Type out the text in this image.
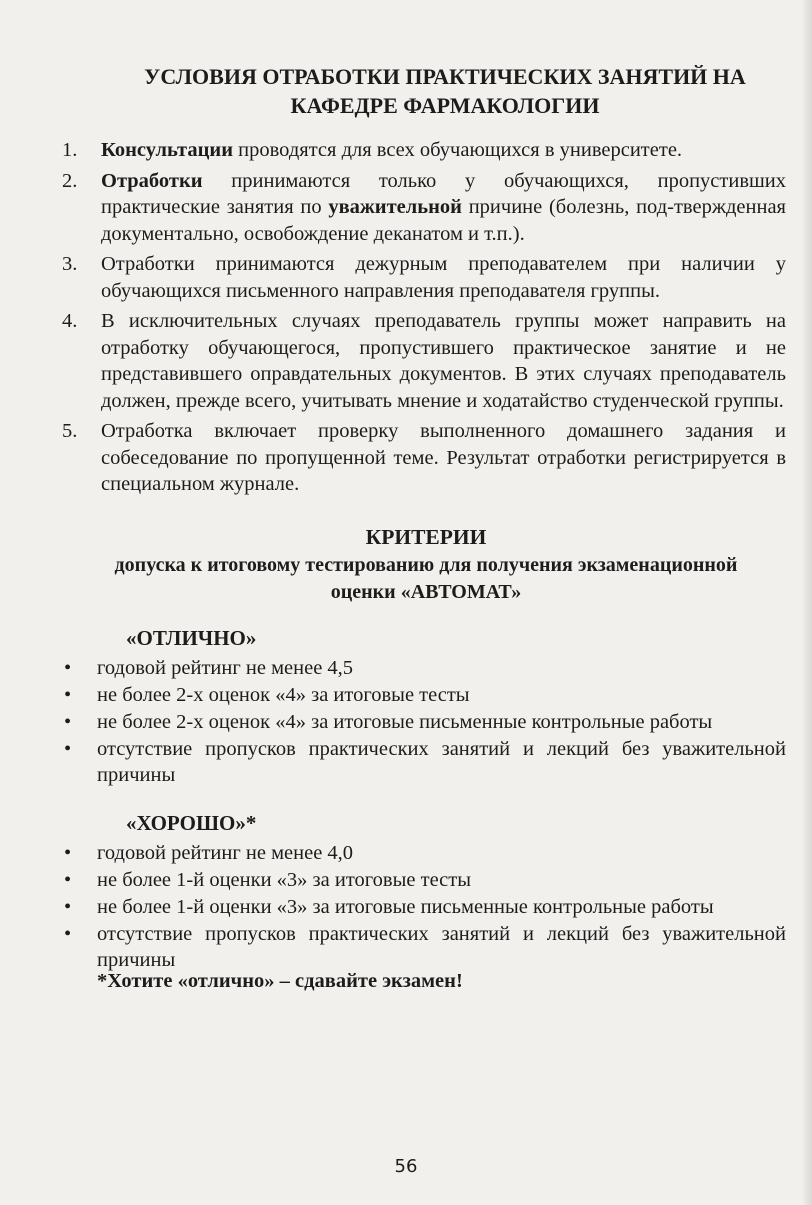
УСЛОВИЯ ОТРАБОТКИ ПРАКТИЧЕСКИХ ЗАНЯТИЙ НА
КАФЕДРЕ ФАРМАКОЛОГИИ
1. Консультации проводятся для всех обучающихся в университете.
2. Отработки принимаются только у обучающихся, пропустивших практические занятия по уважительной причине (болезнь, под-твержденная документально, освобождение деканатом и т.п.).
3. Отработки принимаются дежурным преподавателем при наличии у обучающихся письменного направления преподавателя группы.
4. В исключительных случаях преподаватель группы может направить на отработку обучающегося, пропустившего практическое занятие и не представившего оправдательных документов. В этих случаях преподаватель должен, прежде всего, учитывать мнение и ходатайство студенческой группы.
5. Отработка включает проверку выполненного домашнего задания и собеседование по пропущенной теме. Результат отработки регистрируется в специальном журнале.
КРИТЕРИИ
допуска к итоговому тестированию для получения экзаменационной
оценки «АВТОМАТ»
«ОТЛИЧНО»
• годовой рейтинг не менее 4,5
• не более 2-х оценок «4» за итоговые тесты
• не более 2-х оценок «4» за итоговые письменные контрольные работы
• отсутствие пропусков практических занятий и лекций без уважительной причины
«ХОРОШО»*
• годовой рейтинг не менее 4,0
• не более 1-й оценки «3» за итоговые тесты
• не более 1-й оценки «3» за итоговые письменные контрольные работы
• отсутствие пропусков практических занятий и лекций без уважительной причины
*Хотите «отлично» – сдавайте экзамен!
56
